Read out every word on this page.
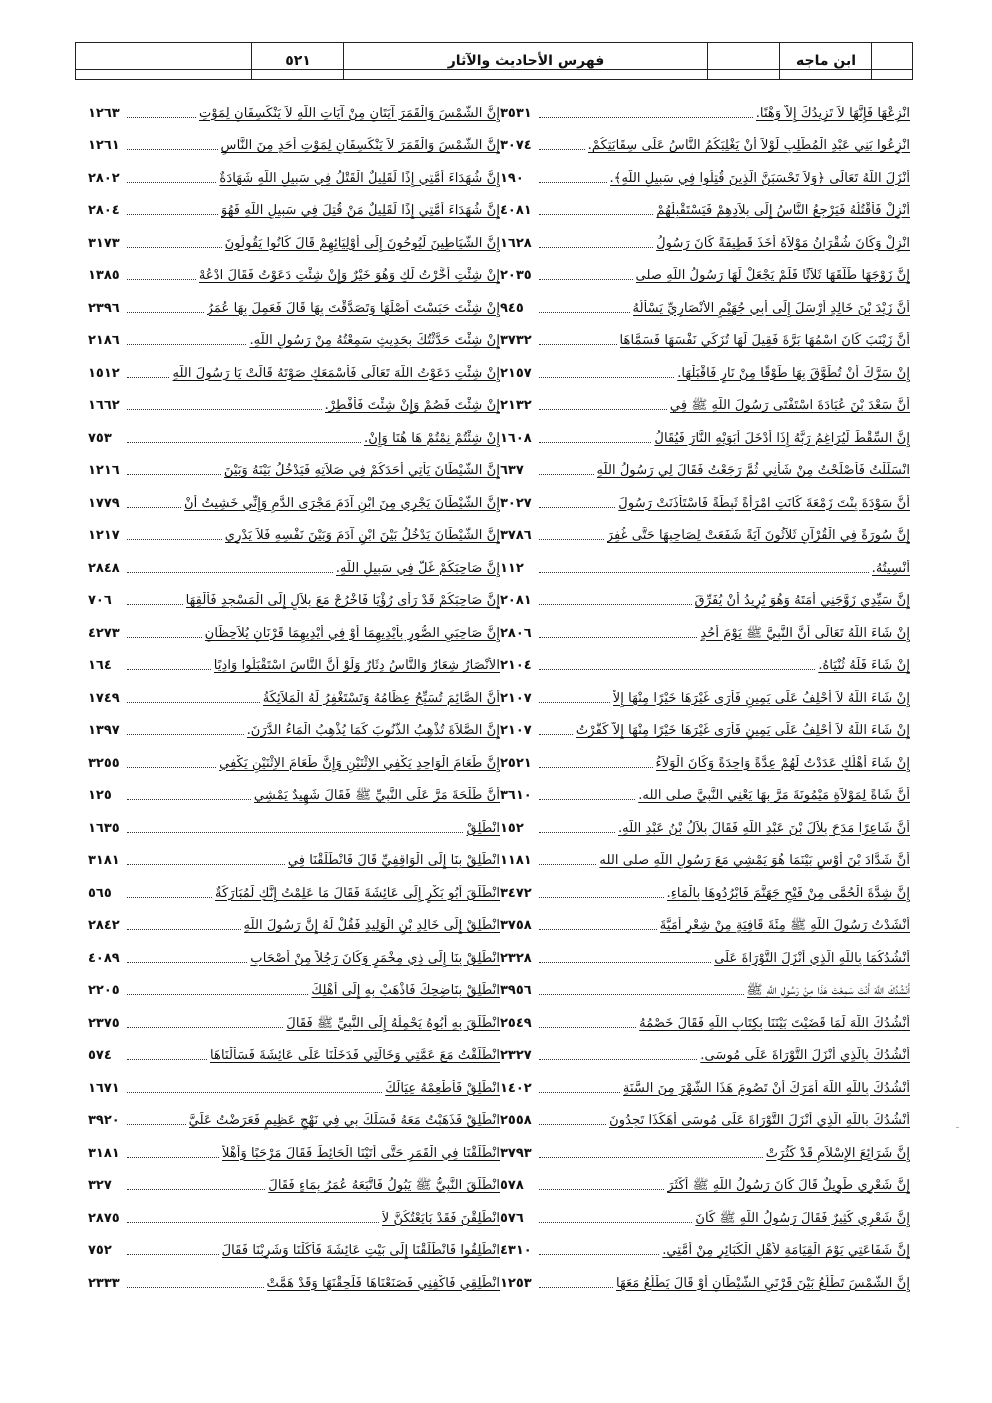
ابن ماجه
فهرس الأحاديث والآثار
٥٢١
انْزِعْهَا فَإِنَّهَا لاَ تَزِيدُكَ إِلاَّ وَهْنًا.
٣٥٣١
انْزِعُوا بَنِي عَبْدِ الْمُطَّلِبِ لَوْلاَ أَنْ يَغْلِبَكُمُ النَّاسُ عَلَى سِقَايَتِكُمْ.
٣٠٧٤
أَنْزَلَ اللَّهُ تَعَالَى ﴿وَلاَ تَحْسَبَنَّ الَّذِينَ قُتِلُوا فِي سَبِيلِ اللَّهِ﴾.
١٩٠
أَنْزِلْ فَأَقْتُلُهُ فَيَرْجِعُ النَّاسُ إِلَى بِلاَدِهِمْ فَيَسْتَقْبِلُهُمْ
٤٠٨١
انْزِلْ وَكَانَ شُقْرَانُ مَوْلاَهُ أَخَذَ قَطِيفَةً كَانَ رَسُولُ
١٦٢٨
إِنَّ زَوْجَهَا طَلَّقَهَا ثَلاَثًا فَلَمْ يَجْعَلْ لَهَا رَسُولُ اللَّهِ صلى
٢٠٣٥
أَنَّ زَيْدَ بْنَ خَالِدٍ أَرْسَلَ إِلَى أَبِي جُهَيْمٍ الأَنْصَارِيِّ يَسْأَلُهُ
٩٤٥
أَنَّ زَيْنَبَ كَانَ اسْمُهَا بَرَّةَ فَقِيلَ لَهَا تُزَكِّي نَفْسَهَا فَسَمَّاهَا
٣٧٣٢
إِنْ سَرَّكَ أَنْ تُطَوَّقَ بِهَا طَوْقًا مِنْ نَارٍ فَاقْبَلْهَا.
٢١٥٧
أَنَّ سَعْدَ بْنَ عُبَادَةَ اسْتَفْتَى رَسُولَ اللَّهِ ﷺ فِي
٢١٣٢
إِنَّ السِّقْطَ لَيُرَاغِمُ رَبَّهُ إِذَا أَدْخَلَ أَبَوَيْهِ النَّارَ فَيُقَالُ
١٦٠٨
انْسَلَلْتُ فَأَصْلَحْتُ مِنْ شَأْنِي ثُمَّ رَجَعْتُ فَقَالَ لِي رَسُولُ اللَّهِ
٦٣٧
أَنَّ سَوْدَةَ بِنْتَ زَمْعَةَ كَانَتِ امْرَأَةً ثَبِطَةً فَاسْتَأْذَنَتْ رَسُولَ
٣٠٢٧
إِنَّ سُورَةً فِي الْقُرْآنِ ثَلاَثُونَ آيَةً شَفَعَتْ لِصَاحِبِهَا حَتَّى غُفِرَ
٣٧٨٦
أُنْسِيتُهُ.
١١٢
إِنَّ سَيِّدِي زَوَّجَنِي أَمَتَهُ وَهُوَ يُرِيدُ أَنْ يُفَرِّقَ
٢٠٨١
إِنْ شَاءَ اللَّهُ تَعَالَى أَنَّ النَّبِيَّ ﷺ يَوْمَ أُحُدٍ
٢٨٠٦
إِنْ شَاءَ فَلَهُ ثُنْيَاهُ.
٢١٠٤
إِنْ شَاءَ اللَّهُ لاَ أَحْلِفُ عَلَى يَمِينٍ فَأَرَى غَيْرَهَا خَيْرًا مِنْهَا إِلاَّ
٢١٠٧
إِنْ شَاءَ اللَّهُ لاَ أَحْلِفُ عَلَى يَمِينٍ فَأَرَى غَيْرَهَا خَيْرًا مِنْهَا إِلاَّ كَفَّرْتُ
٢١٠٧
إِنْ شَاءَ أَهْلُكِ عَدَدْتُ لَهُمْ عِدَّةً وَاحِدَةً وَكَانَ الْوَلاَءُ
٢٥٢١
أَنَّ شَاةً لِمَوْلاَةِ مَيْمُونَةَ مَرَّ بِهَا يَعْنِي النَّبِيَّ صلى الله.
٣٦١٠
أَنَّ شَاعِرًا مَدَحَ بِلاَلَ بْنَ عَبْدِ اللَّهِ فَقَالَ بِلاَلُ بْنُ عَبْدِ اللَّهِ.
١٥٢
أَنَّ شَدَّادَ بْنَ أَوْسٍ بَيْنَمَا هُوَ يَمْشِي مَعَ رَسُولِ اللَّهِ صلى الله
١١٨١
إِنَّ شِدَّةَ الْحُمَّى مِنْ فَيْحِ جَهَنَّمَ فَابْرُدُوهَا بِالْمَاءِ.
٣٤٧٢
أَنْشَدْتُ رَسُولَ اللَّهِ ﷺ مِئَةَ قَافِيَةٍ مِنْ شِعْرِ أُمَيَّةَ
٣٧٥٨
أَنْشُدُكُمَا بِاللَّهِ الَّذِي أَنْزَلَ التَّوْرَاةَ عَلَى
٢٣٢٨
أَنْشُدُكَ اللَّهَ أَنْتَ سَمِعْتَ هَذَا مِنْ رَسُولِ اللَّهِ ﷺ
٣٩٥٦
أَنْشُدُكَ اللَّهَ لَمَا قَضَيْتَ بَيْنَنَا بِكِتَابِ اللَّهِ فَقَالَ خَصْمُهُ
٢٥٤٩
أَنْشُدُكَ بِالَّذِي أَنْزَلَ التَّوْرَاةَ عَلَى مُوسَى.
٢٣٢٧
أَنْشُدُكَ بِاللَّهِ اللَّهَ أَمَرَكَ أَنْ تَصُومَ هَذَا الشَّهْرَ مِنَ السَّنَةِ
١٤٠٢
أَنْشُدُكَ بِاللَّهِ الَّذِي أَنْزَلَ التَّوْرَاةَ عَلَى مُوسَى أَهَكَذَا تَجِدُونَ
٢٥٥٨
إِنَّ شَرَائِعَ الإِسْلاَمِ قَدْ كَثُرَتْ
٣٧٩٣
إِنَّ شَعْرِي طَوِيلٌ قَالَ كَانَ رَسُولُ اللَّهِ ﷺ أَكْثَرَ
٥٧٨
إِنَّ شَعْرِي كَثِيرٌ فَقَالَ رَسُولُ اللَّهِ ﷺ كَانَ
٥٧٦
إِنَّ شَفَاعَتِي يَوْمَ الْقِيَامَةِ لأَهْلِ الْكَبَائِرِ مِنْ أُمَّتِي.
٤٣١٠
إِنَّ الشَّمْسَ تَطْلُعُ بَيْنَ قَرْنَيِ الشَّيْطَانِ أَوْ قَالَ يَطْلُعُ مَعَهَا
١٢٥٣
إِنَّ الشَّمْسَ وَالْقَمَرَ آيَتَانِ مِنْ آيَاتِ اللَّهِ لاَ يَنْكَسِفَانِ لِمَوْتِ
١٢٦٣
إِنَّ الشَّمْسَ وَالْقَمَرَ لاَ يَنْكَسِفَانِ لِمَوْتِ أَحَدٍ مِنَ النَّاسِ
١٢٦١
إِنَّ شُهَدَاءَ أُمَّتِي إِذًا لَقَلِيلٌ الْقَتْلُ فِي سَبِيلِ اللَّهِ شَهَادَةٌ
٢٨٠٢
إِنَّ شُهَدَاءَ أُمَّتِي إِذًا لَقَلِيلٌ مَنْ قُتِلَ فِي سَبِيلِ اللَّهِ فَهُوَ
٢٨٠٤
إِنَّ الشَّيَاطِينَ لَيُوحُونَ إِلَى أَوْلِيَائِهِمْ قَالَ كَانُوا يَقُولُونَ
٣١٧٣
إِنْ شِئْتِ أَخَّرْتُ لَكِ وَهُوَ خَيْرٌ وَإِنْ شِئْتِ دَعَوْتُ فَقَالَ ادْعُهْ
١٣٨٥
إِنْ شِئْتَ حَبَسْتَ أَصْلَهَا وَتَصَدَّقْتَ بِهَا قَالَ فَعَمِلَ بِهَا عُمَرُ
٢٣٩٦
إِنْ شِئْتَ حَدَّثْتُكَ بِحَدِيثٍ سَمِعْتُهُ مِنْ رَسُولِ اللَّهِ.
٢١٨٦
إِنْ شِئْتِ دَعَوْتُ اللَّهَ تَعَالَى فَأَسْمَعَكِ صَوْتَهُ قَالَتْ يَا رَسُولَ اللَّهِ
١٥١٢
إِنْ شِئْتَ فَصُمْ وَإِنْ شِئْتَ فَأَفْطِرْ.
١٦٦٢
إِنْ شِئْتُمْ نِمْتُمْ هَا هُنَا وَإِنْ.
٧٥٣
إِنَّ الشَّيْطَانَ يَأْتِي أَحَدَكُمْ فِي صَلاَتِهِ فَيَدْخُلُ بَيْنَهُ وَبَيْنَ
١٢١٦
إِنَّ الشَّيْطَانَ يَجْرِي مِنَ ابْنِ آدَمَ مَجْرَى الدَّمِ وَإِنِّي خَشِيتُ أَنْ
١٧٧٩
إِنَّ الشَّيْطَانَ يَدْخُلُ بَيْنَ ابْنِ آدَمَ وَبَيْنَ نَفْسِهِ فَلاَ يَدْرِي
١٢١٧
إِنَّ صَاحِبَكُمْ غَلَّ فِي سَبِيلِ اللَّهِ.
٢٨٤٨
إِنَّ صَاحِبَكُمْ قَدْ رَأَى رُؤْيَا فَاخْرُجْ مَعَ بِلاَلٍ إِلَى الْمَسْجِدِ فَأَلْقِهَا
٧٠٦
إِنَّ صَاحِبَيِ الصُّورِ بِأَيْدِيهِمَا أَوْ فِي أَيْدِيهِمَا قَرْنَانِ يُلاَحِظَانِ
٤٢٧٣
الأَنْصَارُ شِعَارٌ وَالنَّاسُ دِثَارٌ وَلَوْ أَنَّ النَّاسَ اسْتَقْبَلُوا وَادِيًا
١٦٤
أَنَّ الصَّائِمَ تُسَبِّحُ عِظَامُهُ وَتَسْتَغْفِرُ لَهُ الْمَلاَئِكَةُ
١٧٤٩
إِنَّ الصَّلاَةَ تُذْهِبُ الذُّنُوبَ كَمَا يُذْهِبُ الْمَاءُ الدَّرَنَ.
١٣٩٧
إِنَّ طَعَامَ الْوَاحِدِ يَكْفِي الاِثْنَيْنِ وَإِنَّ طَعَامَ الاِثْنَيْنِ يَكْفِي
٣٢٥٥
أَنَّ طَلْحَةَ مَرَّ عَلَى النَّبِيِّ ﷺ فَقَالَ شَهِيدٌ يَمْشِي
١٢٥
انْطَلِقْ
١٦٣٥
انْطَلِقْ بِنَا إِلَى الْوَاقِفِيِّ قَالَ فَانْطَلَقْنَا فِي
٣١٨١
انْطَلَقَ أَبُو بَكْرٍ إِلَى عَائِشَةَ فَقَالَ مَا عَلِمْتُ إِنَّكِ لَمُبَارَكَةٌ
٥٦٥
انْطَلِقْ إِلَى خَالِدِ بْنِ الْوَلِيدِ فَقُلْ لَهُ إِنَّ رَسُولَ اللَّهِ
٢٨٤٢
انْطَلِقْ بِنَا إِلَى ذِي مِخْمَرٍ وَكَانَ رَجُلاً مِنْ أَصْحَابِ
٤٠٨٩
انْطَلِقْ بِنَاضِحِكَ فَاذْهَبْ بِهِ إِلَى أَهْلِكَ
٢٢٠٥
انْطَلَقَ بِهِ أَبُوهُ يَحْمِلُهُ إِلَى النَّبِيِّ ﷺ فَقَالَ
٢٣٧٥
انْطَلَقْتُ مَعَ عَمَّتِي وَخَالَتِي فَدَخَلْنَا عَلَى عَائِشَةَ فَسَأَلْنَاهَا
٥٧٤
انْطَلِقْ فَأَطْعِمْهُ عِيَالَكَ
١٦٧١
انْطَلِقْ فَذَهَبْتُ مَعَهُ فَسَلَكَ بِي فِي نَهْجٍ عَظِيمٍ فَعَرَضْتُ عَلَيَّ
٣٩٢٠
انْطَلَقْنَا فِي الْقَمَرِ حَتَّى أَتَيْنَا الْحَائِطَ فَقَالَ مَرْحَبًا وَأَهْلاً
٣١٨١
انْطَلَقَ النَّبِيُّ ﷺ يَبُولُ فَاتَّبَعَهُ عُمَرُ بِمَاءٍ فَقَالَ
٣٢٧
انْطَلِقْنَ فَقَدْ بَايَعْتُكُنَّ لاَ
٢٨٧٥
انْطَلِقُوا فَانْطَلَقْنَا إِلَى بَيْتِ عَائِشَةَ فَأَكَلْنَا وَشَرِبْنَا فَقَالَ
٧٥٢
انْطَلِقِي فَاكْفِنِي فَصَنَعْنَاهَا فَلَحِقْنَهَا وَقَدْ هَمَّتْ
٢٣٣٣
ـ
